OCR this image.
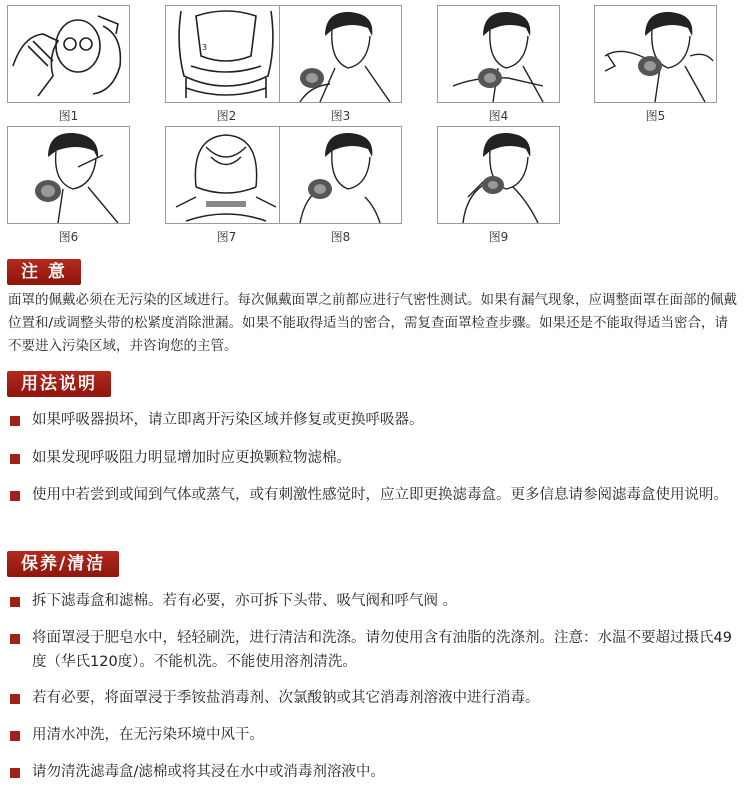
图1
3
图2	图3	图4	图5
图6	图7	图8	图9
注 意
面罩的佩戴必须在无污染的区域进行。每次佩戴面罩之前都应进行气密性测试。如果有漏气现象，应调整面罩在面部的佩戴位置和/或调整头带的松紧度消除泄漏。如果不能取得适当的密合，需复查面罩检查步骤。如果还是不能取得适当密合，请不要进入污染区域，并咨询您的主管。
用法说明
如果呼吸器损坏，请立即离开污染区域并修复或更换呼吸器。
如果发现呼吸阻力明显增加时应更换颗粒物滤棉。
使用中若尝到或闻到气体或蒸气，或有刺激性感觉时，应立即更换滤毒盒。更多信息请参阅滤毒盒使用说明。
保养/清洁
拆下滤毒盒和滤棉。若有必要，亦可拆下头带、吸气阀和呼气阀 。
将面罩浸于肥皂水中，轻轻刷洗，进行清洁和洗涤。请勿使用含有油脂的洗涤剂。注意：水温不要超过摄氏49度（华氏120度）。不能机洗。不能使用溶剂清洗。
若有必要，将面罩浸于季铵盐消毒剂、次氯酸钠或其它消毒剂溶液中进行消毒。
用清水冲洗，在无污染环境中风干。
请勿清洗滤毒盒/滤棉或将其浸在水中或消毒剂溶液中。
